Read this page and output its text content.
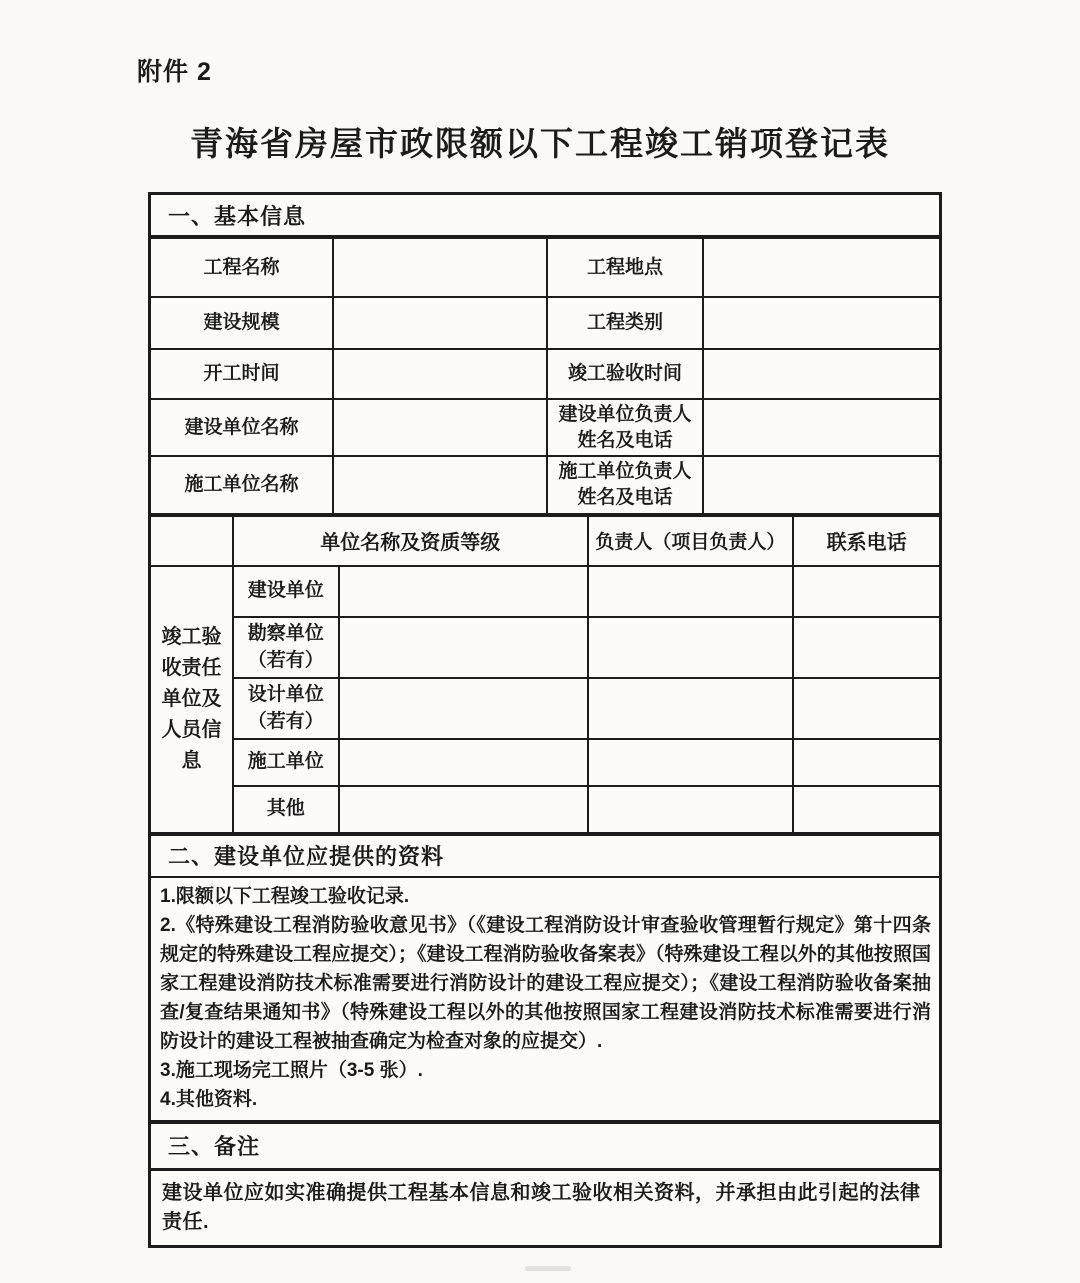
附件 2
青海省房屋市政限额以下工程竣工销项登记表
一、基本信息
工程名称		工程地点	
建设规模		工程类别	
开工时间		竣工验收时间	
建设单位名称		建设单位负责人姓名及电话	
施工单位名称		施工单位负责人姓名及电话	
	单位名称及资质等级		负责人（项目负责人）	联系电话

竣工验收责任单位及人员信息	建设单位			
	勘察单位（若有）			
	设计单位（若有）			
	施工单位			
	其他			
二、建设单位应提供的资料

1.限额以下工程竣工验收记录.

2.《特殊建设工程消防验收意见书》（《建设工程消防设计审查验收管理暂行规定》第十四条规定的特殊建设工程应提交）；《建设工程消防验收备案表》（特殊建设工程以外的其他按照国家工程建设消防技术标准需要进行消防设计的建设工程应提交）；《建设工程消防验收备案抽查/复查结果通知书》（特殊建设工程以外的其他按照国家工程建设消防技术标准需要进行消防设计的建设工程被抽查确定为检查对象的应提交）.

3.施工现场完工照片（3-5 张）.

4.其他资料.

三、备注
建设单位应如实准确提供工程基本信息和竣工验收相关资料，并承担由此引起的法律责任.
